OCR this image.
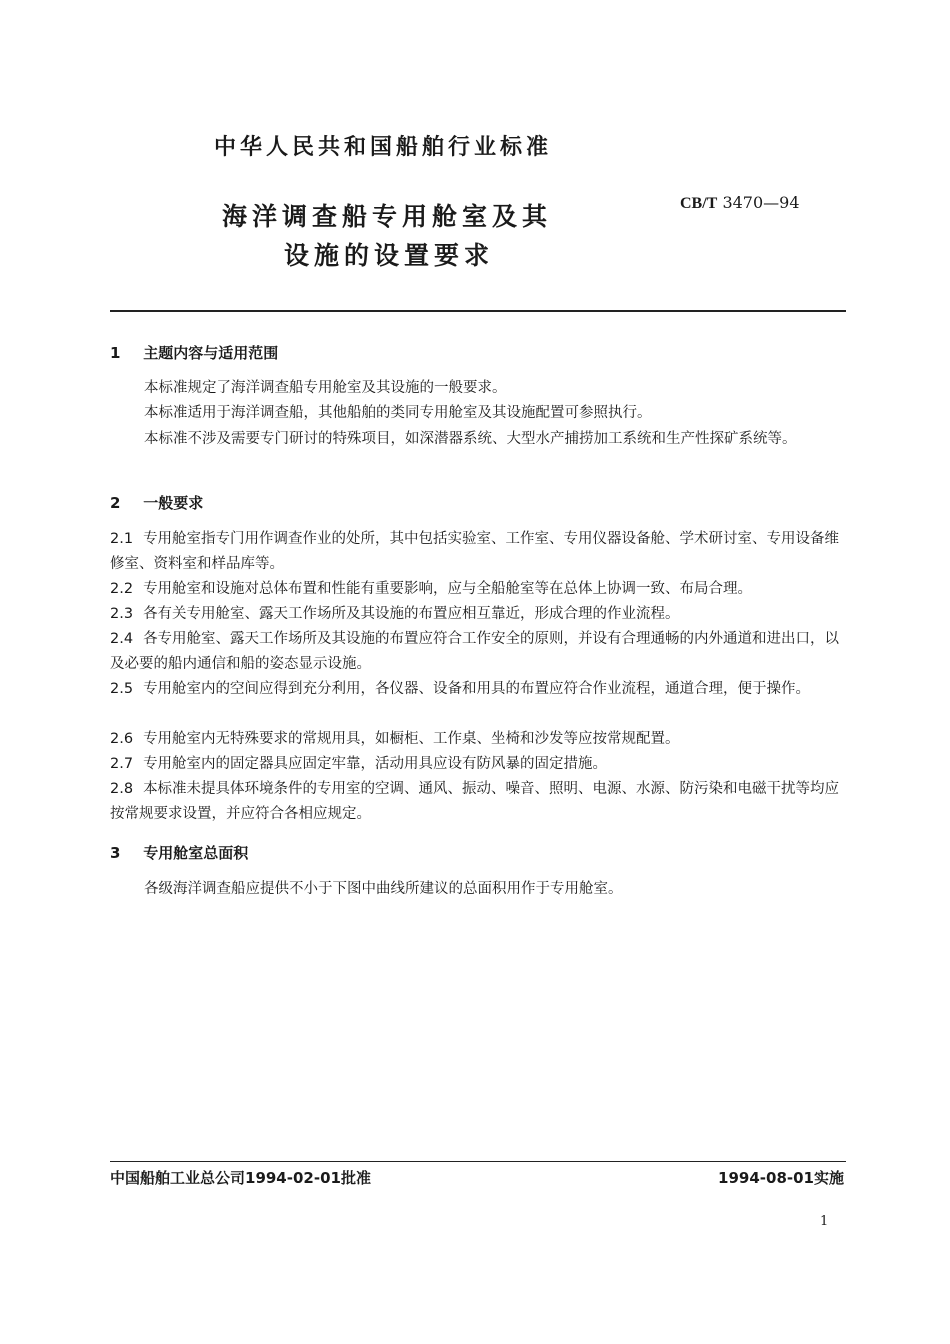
中华人民共和国船舶行业标准
海洋调查船专用舱室及其
设施的设置要求
CB/T 3470—94
1 主题内容与适用范围
本标准规定了海洋调查船专用舱室及其设施的一般要求。
本标准适用于海洋调查船，其他船舶的类同专用舱室及其设施配置可参照执行。
本标准不涉及需要专门研讨的特殊项目，如深潜器系统、大型水产捕捞加工系统和生产性探矿系统等。
2 一般要求
2.1 专用舱室指专门用作调查作业的处所，其中包括实验室、工作室、专用仪器设备舱、学术研讨室、专用设备维修室、资料室和样品库等。
2.2 专用舱室和设施对总体布置和性能有重要影响，应与全船舱室等在总体上协调一致、布局合理。
2.3 各有关专用舱室、露天工作场所及其设施的布置应相互靠近，形成合理的作业流程。
2.4 各专用舱室、露天工作场所及其设施的布置应符合工作安全的原则，并设有合理通畅的内外通道和进出口，以及必要的船内通信和船的姿态显示设施。
2.5 专用舱室内的空间应得到充分利用，各仪器、设备和用具的布置应符合作业流程，通道合理，便于操作。
2.6 专用舱室内无特殊要求的常规用具，如橱柜、工作桌、坐椅和沙发等应按常规配置。
2.7 专用舱室内的固定器具应固定牢靠，活动用具应设有防风暴的固定措施。
2.8 本标准未提具体环境条件的专用室的空调、通风、振动、噪音、照明、电源、水源、防污染和电磁干扰等均应按常规要求设置，并应符合各相应规定。
3 专用舱室总面积
各级海洋调查船应提供不小于下图中曲线所建议的总面积用作于专用舱室。
中国船舶工业总公司1994-02-01批准	1994-08-01实施
1
